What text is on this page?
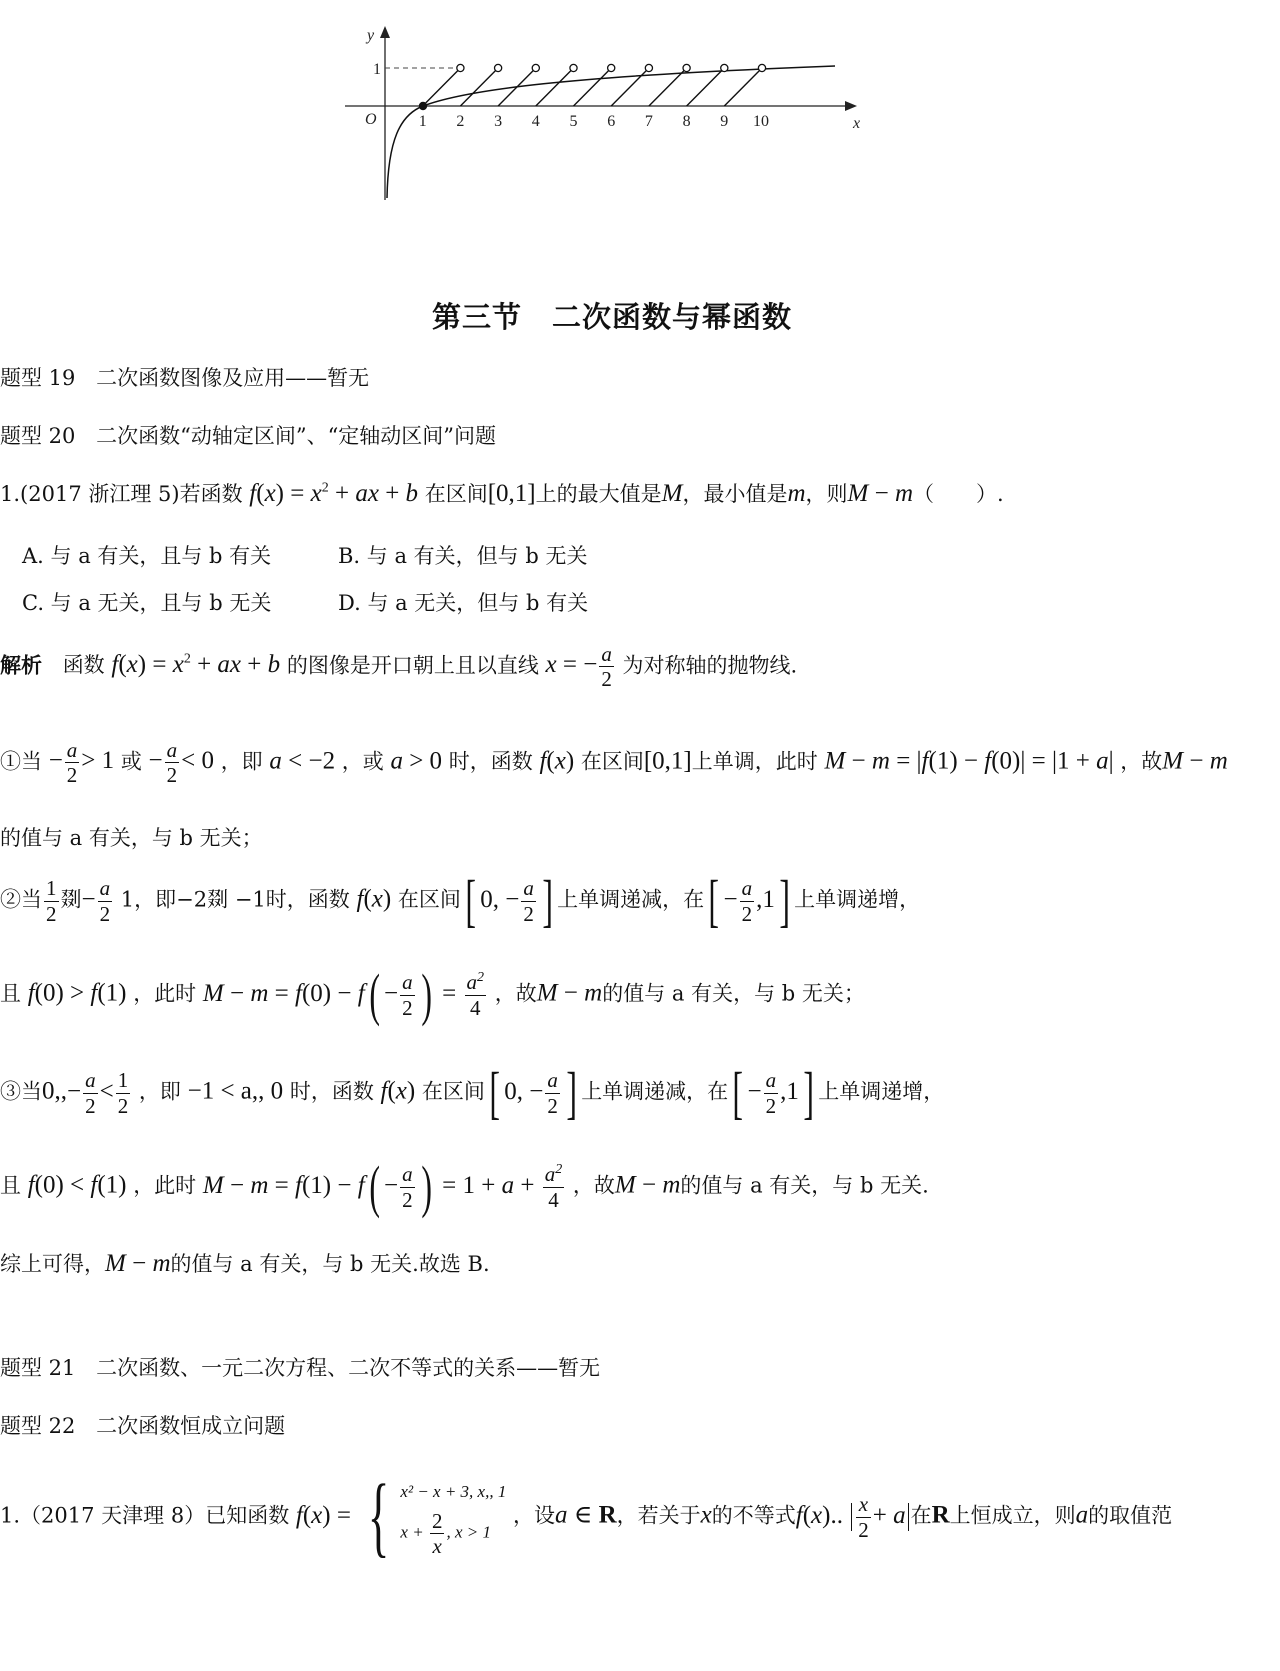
y
x
O
1
1 2 3 4 5 6 7 8 9 10
第三节　二次函数与幂函数
题型 19 二次函数图像及应用——暂无
题型 20 二次函数“动轴定区间”、“定轴动区间”问题
1.(2017 浙江理 5)若函数 $f(x) = x^2$ + ax + b 在区间[0,1]上的最大值是M，最小值是m，则M − m（　　）.
A. 与 a 有关，且与 b 有关	B. 与 a 有关，但与 b 无关
C. 与 a 无关，且与 b 无关	D. 与 a 无关，但与 b 有关
解析 函数 $f(x) = x^2$ + ax + b 的图像是开口朝上且以直线 x = − $\frac{a}{2}$ 为对称轴的抛物线.
①当 − $\frac{a}{2} > 1$ 或 − $\frac{a}{2} < 0$ ，即 a < −2 ，或 a > 0 时，函数 f(x) 在区间[0,1]上单调，此时 M − m = |f(1) − f(0)| = |1 + a| ，故M − m
的值与 a 有关，与 b 无关；
②当 $\frac{1}{2}$ 剟− $\frac{a}{2} 1$，即−2剟 −1时，函数 f(x) 在区间[ 0, − $\frac{a}{2}$ ] 上单调递减，在[ − $\frac{a}{2} ,1$] 上单调递增，
且 f(0) > f(1) ，此时 $M - m = f(0) - f( - \frac{a}{2}$ ) = $\frac{a^2}{4}$ ，故M − m的值与 a 有关，与 b 无关；
③当$0,,- \frac{a}{2} < \frac{1}{2}$ ，即 −1 < a,, 0 时，函数 f(x) 在区间[ 0, − $\frac{a}{2}$ ] 上单调递减，在[ − $\frac{a}{2} ,1$] 上单调递增，
且 f(0) < f(1) ，此时 $M - m = f(1) - f( - \frac{a}{2}$ ) = $1 + a + \frac{a^2}{4}$ ，故M − m的值与 a 有关，与 b 无关.
综上可得，M − m的值与 a 有关，与 b 无关.故选 B.
题型 21 二次函数、一元二次方程、二次不等式的关系——暂无
题型 22 二次函数恒成立问题
1.（2017 天津理 8）已知函数 f(x) = { x² − x + 3, x,, 1
$x + \frac{2}{x}$ , x > 1
，设a ∈ R，若关于x的不等式f(x).. $\frac{x}{2} + a$ 在R上恒成立，则a的取值范
